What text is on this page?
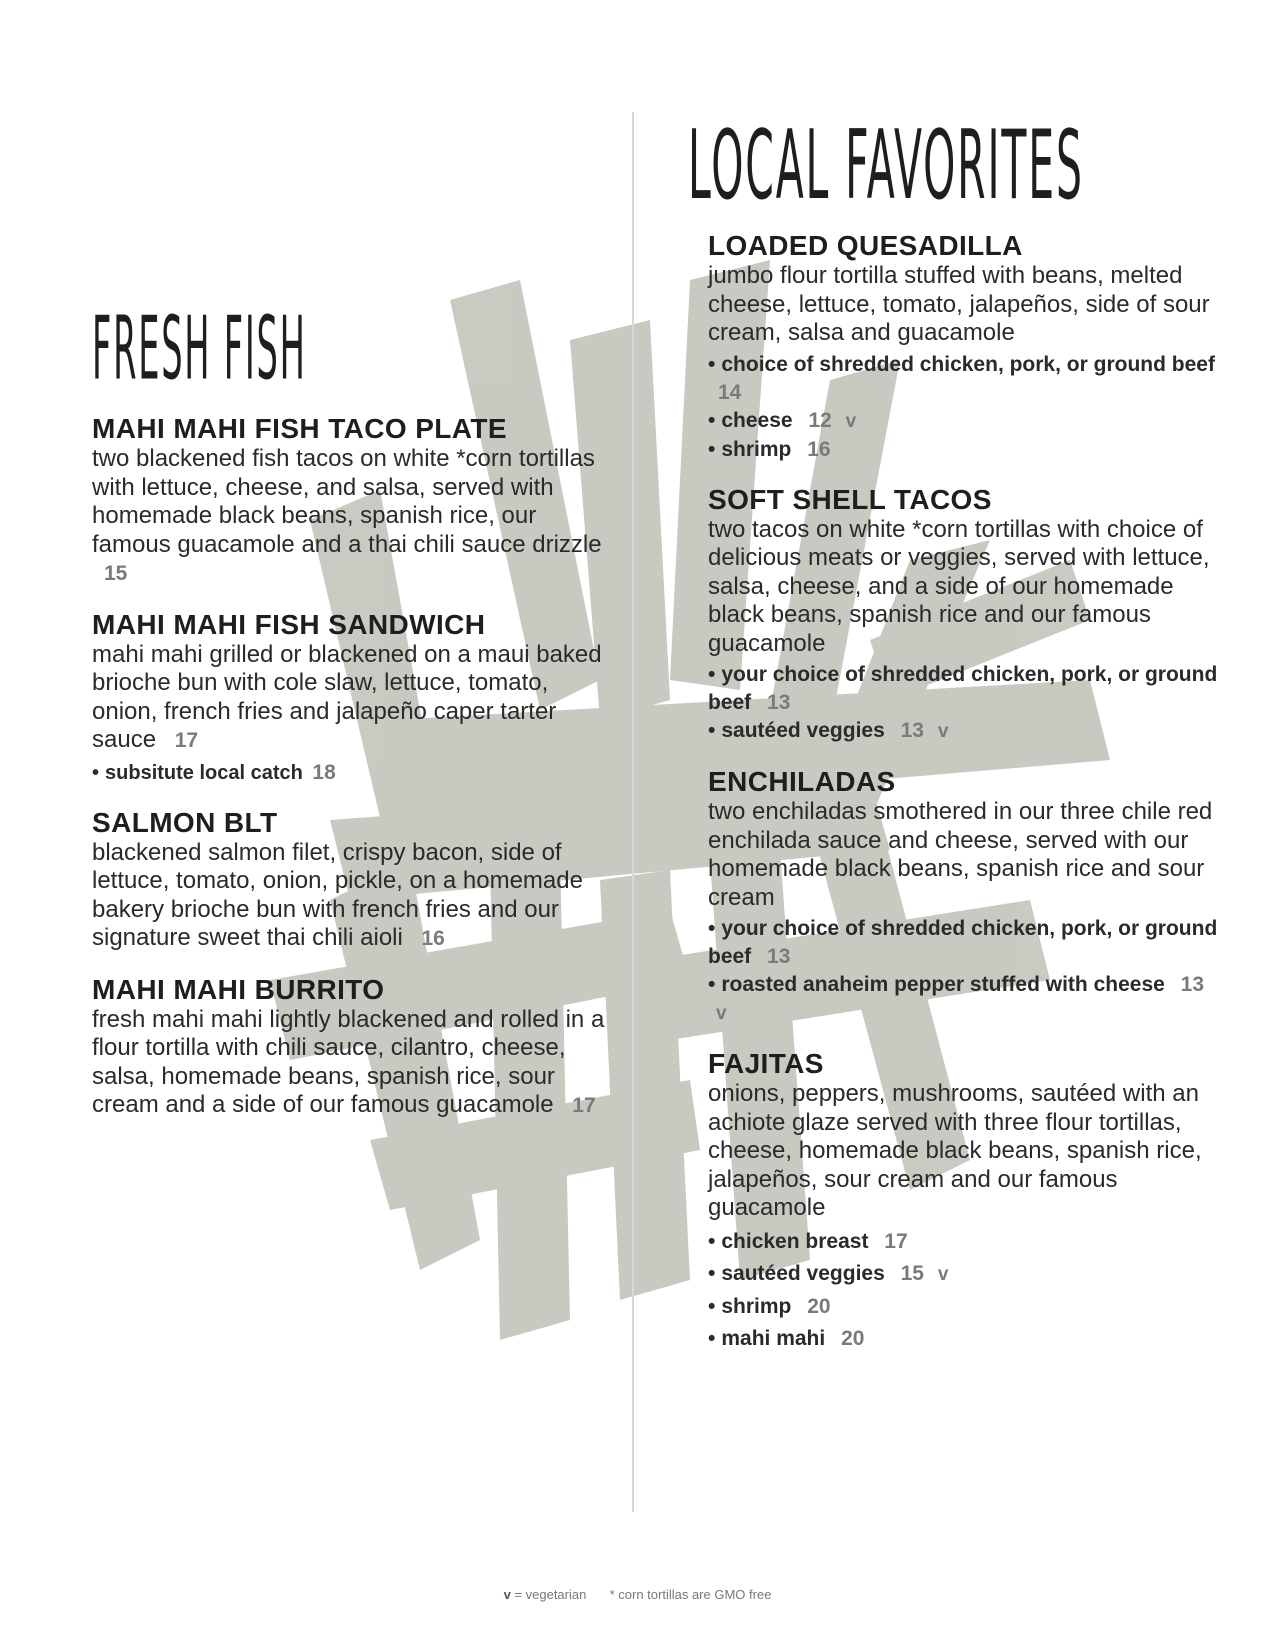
FRESH FISH
MAHI MAHI FISH TACO PLATE
two blackened fish tacos on white *corn tortillas with lettuce, cheese, and salsa, served with homemade black beans, spanish rice, our famous guacamole and a thai chili sauce drizzle 15
MAHI MAHI FISH SANDWICH
mahi mahi grilled or blackened on a maui baked brioche bun with cole slaw, lettuce, tomato, onion, french fries and jalapeño caper tarter sauce 17
• subsitute local catch 18
SALMON BLT
blackened salmon filet, crispy bacon, side of lettuce, tomato, onion, pickle, on a homemade bakery brioche bun with french fries and our signature sweet thai chili aioli 16
MAHI MAHI BURRITO
fresh mahi mahi lightly blackened and rolled in a flour tortilla with chili sauce, cilantro, cheese, salsa, homemade beans, spanish rice, sour cream and a side of our famous guacamole 17
LOCAL FAVORITES
LOADED QUESADILLA
jumbo flour tortilla stuffed with beans, melted cheese, lettuce, tomato, jalapeños, side of sour cream, salsa and guacamole
• choice of shredded chicken, pork, or ground beef 14
• cheese 12 v
• shrimp 16
SOFT SHELL TACOS
two tacos on white *corn tortillas with choice of delicious meats or veggies, served with lettuce, salsa, cheese, and a side of our homemade black beans, spanish rice and our famous guacamole
• your choice of shredded chicken, pork, or ground beef 13
• sautéed veggies 13 v
ENCHILADAS
two enchiladas smothered in our three chile red enchilada sauce and cheese, served with our homemade black beans, spanish rice and sour cream
• your choice of shredded chicken, pork, or ground beef 13
• roasted anaheim pepper stuffed with cheese 13 v
FAJITAS
onions, peppers, mushrooms, sautéed with an achiote glaze served with three flour tortillas, cheese, homemade black beans, spanish rice, jalapeños, sour cream and our famous guacamole
• chicken breast 17
• sautéed veggies 15 v
• shrimp 20
• mahi mahi 20
v = vegetarian * corn tortillas are GMO free
